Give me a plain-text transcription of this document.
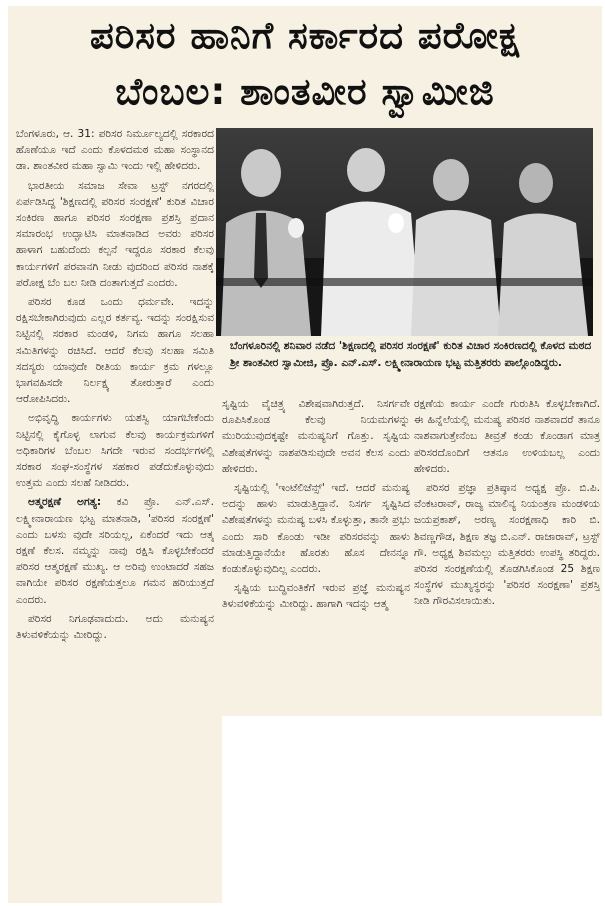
ಪರಿಸರ ಹಾನಿಗೆ ಸರ್ಕಾರದ ಪರೋಕ್ಷ
ಬೆಂಬಲ: ಶಾಂತವೀರ ಸ್ವಾಮೀಜಿ

ಬೆಂಗಳೂರು, ಆ. 31: ಪರಿಸರ ನಿರ್ಮೂಲ್ಯದಲ್ಲಿ ಸರಕಾರದ ಹೊಣೆಯೂ ಇದೆ ಎಂದು ಕೊಳದಮಠ ಮಹಾ ಸಂಸ್ಥಾನದ ಡಾ. ಶಾಂತವೀರ ಮಹಾ ಸ್ವಾಮಿ ಇಂದು ಇಲ್ಲಿ ಹೇಳಿದರು.

ಭಾರತೀಯ ಸಮಾಜ ಸೇವಾ ಟ್ರಸ್ಟ್ ನಗರದಲ್ಲಿ ಏರ್ಪಡಿಸಿದ್ದ 'ಶಿಕ್ಷಣದಲ್ಲಿ ಪರಿಸರ ಸಂರಕ್ಷಣೆ' ಕುರಿತ ವಿಚಾರ ಸಂಕಿರಣ ಹಾಗೂ ಪರಿಸರ ಸಂರಕ್ಷಣಾ ಪ್ರಶಸ್ತಿ ಪ್ರದಾನ ಸಮಾರಂಭ ಉದ್ಘಾಟಿಸಿ ಮಾತನಾಡಿದ ಅವರು ಪರಿಸರ ಹಾಳಾಗ ಬಹುದೆಂದು ಕಲ್ಪನೆ ಇದ್ದರೂ ಸರಕಾರ ಕೆಲವು ಕಾರ್ಯಗಳಿಗೆ ಪರವಾನಗಿ ನೀಡು ವುದರಿಂದ ಪರಿಸರ ನಾಶಕ್ಕೆ ಪರೋಕ್ಷ ಬೆಂ ಬಲ ನೀಡಿ ದಂತಾಗುತ್ತದೆ ಎಂದರು.

ಪರಿಸರ ಕೂಡ ಒಂದು ಧರ್ಮವೇ. ಇದನ್ನು ರಕ್ಷಿಸಬೇಕಾಗಿರುವುದು ಎಲ್ಲರ ಕರ್ತವ್ಯ. ಇದನ್ನು ಸಂರಕ್ಷಿಸುವ ನಿಟ್ಟಿನಲ್ಲಿ ಸರಕಾರ ಮಂಡಳಿ, ನಿಗಮ ಹಾಗೂ ಸಲಹಾ ಸಮಿತಿಗಳನ್ನು ರಚಿಸಿದೆ. ಆದರೆ ಕೆಲವು ಸಲಹಾ ಸಮಿತಿ ಸದಸ್ಯರು ಯಾವುದೇ ರೀತಿಯ ಕಾರ್ಯ ಕ್ರಮ ಗಳಲ್ಲೂ ಭಾಗವಹಿಸದೇ ನಿರ್ಲಕ್ಷ್ಯ ತೋರುತ್ತಾರೆ ಎಂದು ಆರೋಪಿಸಿದರು.

ಅಭಿವೃದ್ಧಿ ಕಾರ್ಯಗಳು ಯಶಸ್ವಿ ಯಾಗಬೇಕೆಂದು ನಿಟ್ಟಿನಲ್ಲಿ ಕೈಗೊಳ್ಳ ಲಾಗುವ ಕೆಲವು ಕಾರ್ಯಕ್ರಮಗಳಿಗೆ ಅಧಿಕಾರಿಗಳ ಬೆಂಬಲ ಸಿಗದೇ ಇರುವ ಸಂದರ್ಭಗಳಲ್ಲಿ ಸರಕಾರ ಸಂಘ-ಸಂಸ್ಥೆಗಳ ಸಹಕಾರ ಪಡೆದುಕೊಳ್ಳುವುದು ಉತ್ತಮ ಎಂದು ಸಲಹೆ ನೀಡಿದರು.

ಆತ್ಮರಕ್ಷಣೆ ಅಗತ್ಯ: ಕವಿ ಪ್ರೊ. ಎನ್.ಎಸ್. ಲಕ್ಷ್ಮೀನಾರಾಯಣ ಭಟ್ಟ ಮಾತನಾಡಿ, 'ಪರಿಸರ ಸಂರಕ್ಷಣೆ' ಎಂದು ಬಳಸು ವುದೇ ಸರಿಯಲ್ಲ, ಏಕೆಂದರೆ ಇದು ಆತ್ಮ ರಕ್ಷಣೆ ಕೆಲಸ. ನಮ್ಮನ್ನು ನಾವು ರಕ್ಷಿಸಿ ಕೊಳ್ಳಬೇಕೆಂದರೆ ಪರಿಸರ ಆತ್ಮರಕ್ಷಣೆ ಮುಖ್ಯ. ಆ ಅರಿವು ಉಂಟಾದರೆ ಸಹಜ ವಾಗಿಯೇ ಪರಿಸರ ರಕ್ಷಣೆಯತ್ತಲೂ ಗಮನ ಹರಿಯುತ್ತದೆ ಎಂದರು.

ಪರಿಸರ ನಿಗೂಢವಾದುದು. ಅದು ಮನುಷ್ಯನ ತಿಳುವಳಿಕೆಯನ್ನು ಮೀರಿದ್ದು.

ಬೆಂಗಳೂರಿನಲ್ಲಿ ಶನಿವಾರ ನಡೆದ 'ಶಿಕ್ಷಣದಲ್ಲಿ ಪರಿಸರ ಸಂರಕ್ಷಣೆ' ಕುರಿತ ವಿಚಾರ ಸಂಕಿರಣದಲ್ಲಿ ಕೊಳದ ಮಠದ ಶ್ರೀ ಶಾಂತವೀರ ಸ್ವಾಮೀಜಿ, ಪ್ರೊ. ಎನ್.ಎಸ್. ಲಕ್ಷ್ಮೀನಾರಾಯಣ ಭಟ್ಟ ಮತ್ತಿತರರು ಪಾಲ್ಗೊಂಡಿದ್ದರು.

ಸೃಷ್ಟಿಯ ವೈಚಿತ್ರ್ಯ ವಿಶೇಷವಾಗಿರುತ್ತದೆ. ನಿಸರ್ಗವೇ ರೂಪಿಸಿಕೊಂಡ ಕೆಲವು ನಿಯಮಗಳನ್ನು ಮುರಿಯುವುದಕ್ಕಷ್ಟೇ ಮನುಷ್ಯನಿಗೆ ಗೊತ್ತು. ಸೃಷ್ಟಿಯ ವಿಶೇಷತೆಗಳನ್ನು ನಾಶಪಡಿಸುವುದೇ ಅವನ ಕೆಲಸ ಎಂದು ಹೇಳಿದರು.

ಸೃಷ್ಟಿಯಲ್ಲಿ 'ಇಂಟೆಲಿಜೆನ್ಸ್' ಇದೆ. ಆದರೆ ಮನುಷ್ಯ ಅದನ್ನು ಹಾಳು ಮಾಡುತ್ತಿದ್ದಾನೆ. ನಿಸರ್ಗ ಸೃಷ್ಟಿಸಿದ ವಿಶೇಷತೆಗಳನ್ನು ಮನುಷ್ಯ ಬಳಸಿ ಕೊಳ್ಳುತ್ತಾ, ತಾನೇ ಪ್ರಭು ಎಂದು ಸಾರಿ ಕೊಂಡು ಇಡೀ ಪರಿಸರವನ್ನು ಹಾಳು ಮಾಡುತ್ತಿದ್ದಾನೆಯೇ ಹೊರತು ಹೊಸ ದೇನನ್ನೂ ಕಂಡುಕೊಳ್ಳುವುದಿಲ್ಲ ಎಂದರು.

ಸೃಷ್ಟಿಯ ಬುದ್ಧಿವಂತಿಕೆಗೆ ಇರುವ ಪ್ರಜ್ಞೆ ಮನುಷ್ಯನ ತಿಳುವಳಿಕೆಯನ್ನು ಮೀರಿದ್ದು. ಹಾಗಾಗಿ ಇದನ್ನು ಆತ್ಮ

ರಕ್ಷಣೆಯ ಕಾರ್ಯ ಎಂದೇ ಗುರುತಿಸಿ ಕೊಳ್ಳಬೇಕಾಗಿದೆ. ಈ ಹಿನ್ನೆಲೆಯಲ್ಲಿ ಮನುಷ್ಯ ಪರಿಸರ ನಾಶವಾದರೆ ತಾನೂ ನಾಶವಾಗುತ್ತೇನೆಂಬ ತೀವ್ರತೆ ಕಂಡು ಕೊಂಡಾಗ ಮಾತ್ರ ಪರಿಸರದೊಂದಿಗೆ ಆತನೂ ಉಳಿಯಬಲ್ಲ ಎಂದು ಹೇಳಿದರು.

ಪರಿಸರ ಪ್ರಜ್ಞಾ ಪ್ರತಿಷ್ಠಾನ ಅಧ್ಯಕ್ಷ ಪ್ರೊ. ಬಿ.ಪಿ. ವೆಂಕಟರಾವ್, ರಾಜ್ಯ ಮಾಲಿನ್ಯ ನಿಯಂತ್ರಣ ಮಂಡಳಿಯ ಜಯಪ್ರಕಾಶ್, ಅರಣ್ಯ ಸಂರಕ್ಷಣಾಧಿ ಕಾರಿ ಬಿ. ಶಿವಣ್ಣಗೌಡ, ಶಿಕ್ಷಣ ತಜ್ಞ ಬಿ.ಎನ್. ರಾಜಾರಾವ್, ಟ್ರಸ್ಟ್ ಗೌ. ಅಧ್ಯಕ್ಷ ಶಿವಮಲ್ಲು ಮತ್ತಿತರರು ಉಪಸ್ಥಿ ತರಿದ್ದರು. ಪರಿಸರ ಸಂರಕ್ಷಣೆಯಲ್ಲಿ ತೊಡಗಿಸಿಕೊಂಡ 25 ಶಿಕ್ಷಣ ಸಂಸ್ಥೆಗಳ ಮುಖ್ಯಸ್ಥರನ್ನು 'ಪರಿಸರ ಸಂರಕ್ಷಣಾ' ಪ್ರಶಸ್ತಿ ನೀಡಿ ಗೌರವಿಸಲಾಯಿತು.
